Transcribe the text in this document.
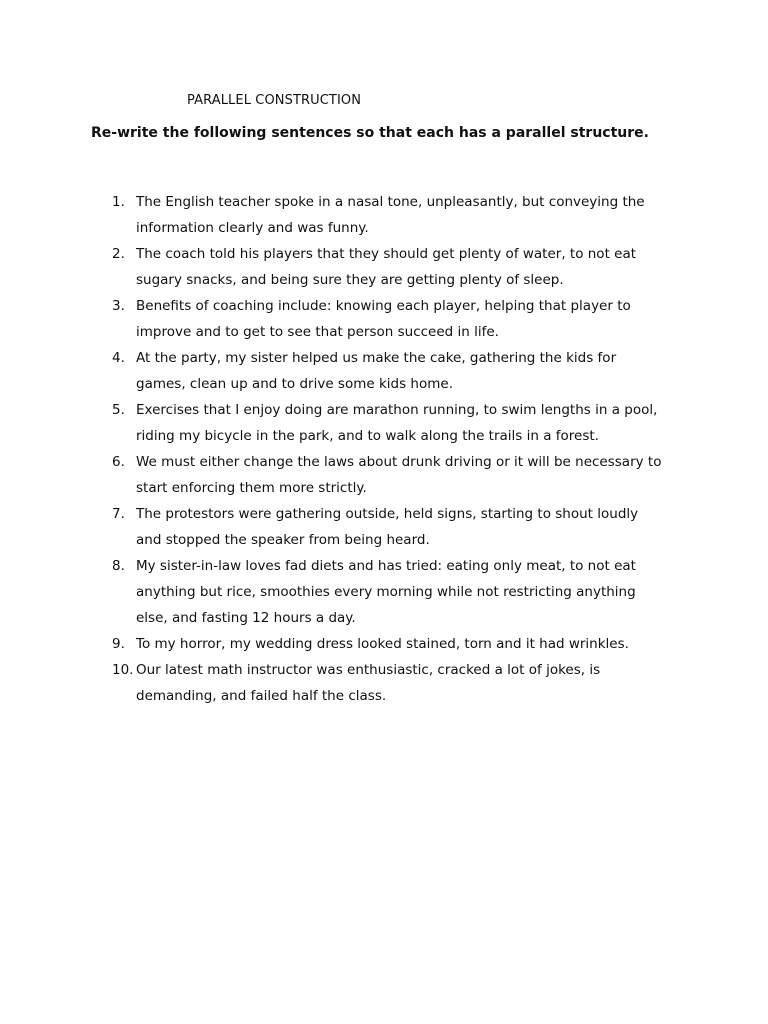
PARALLEL CONSTRUCTION
Re-write the following sentences so that each has a parallel structure.
1. The English teacher spoke in a nasal tone, unpleasantly, but conveying the
information clearly and was funny.
2. The coach told his players that they should get plenty of water, to not eat
sugary snacks, and being sure they are getting plenty of sleep.
3. Benefits of coaching include: knowing each player, helping that player to
improve and to get to see that person succeed in life.
4. At the party, my sister helped us make the cake, gathering the kids for
games, clean up and to drive some kids home.
5. Exercises that I enjoy doing are marathon running, to swim lengths in a pool,
riding my bicycle in the park, and to walk along the trails in a forest.
6. We must either change the laws about drunk driving or it will be necessary to
start enforcing them more strictly.
7. The protestors were gathering outside, held signs, starting to shout loudly
and stopped the speaker from being heard.
8. My sister-in-law loves fad diets and has tried: eating only meat, to not eat
anything but rice, smoothies every morning while not restricting anything
else, and fasting 12 hours a day.
9. To my horror, my wedding dress looked stained, torn and it had wrinkles.
10. Our latest math instructor was enthusiastic, cracked a lot of jokes, is
demanding, and failed half the class.
